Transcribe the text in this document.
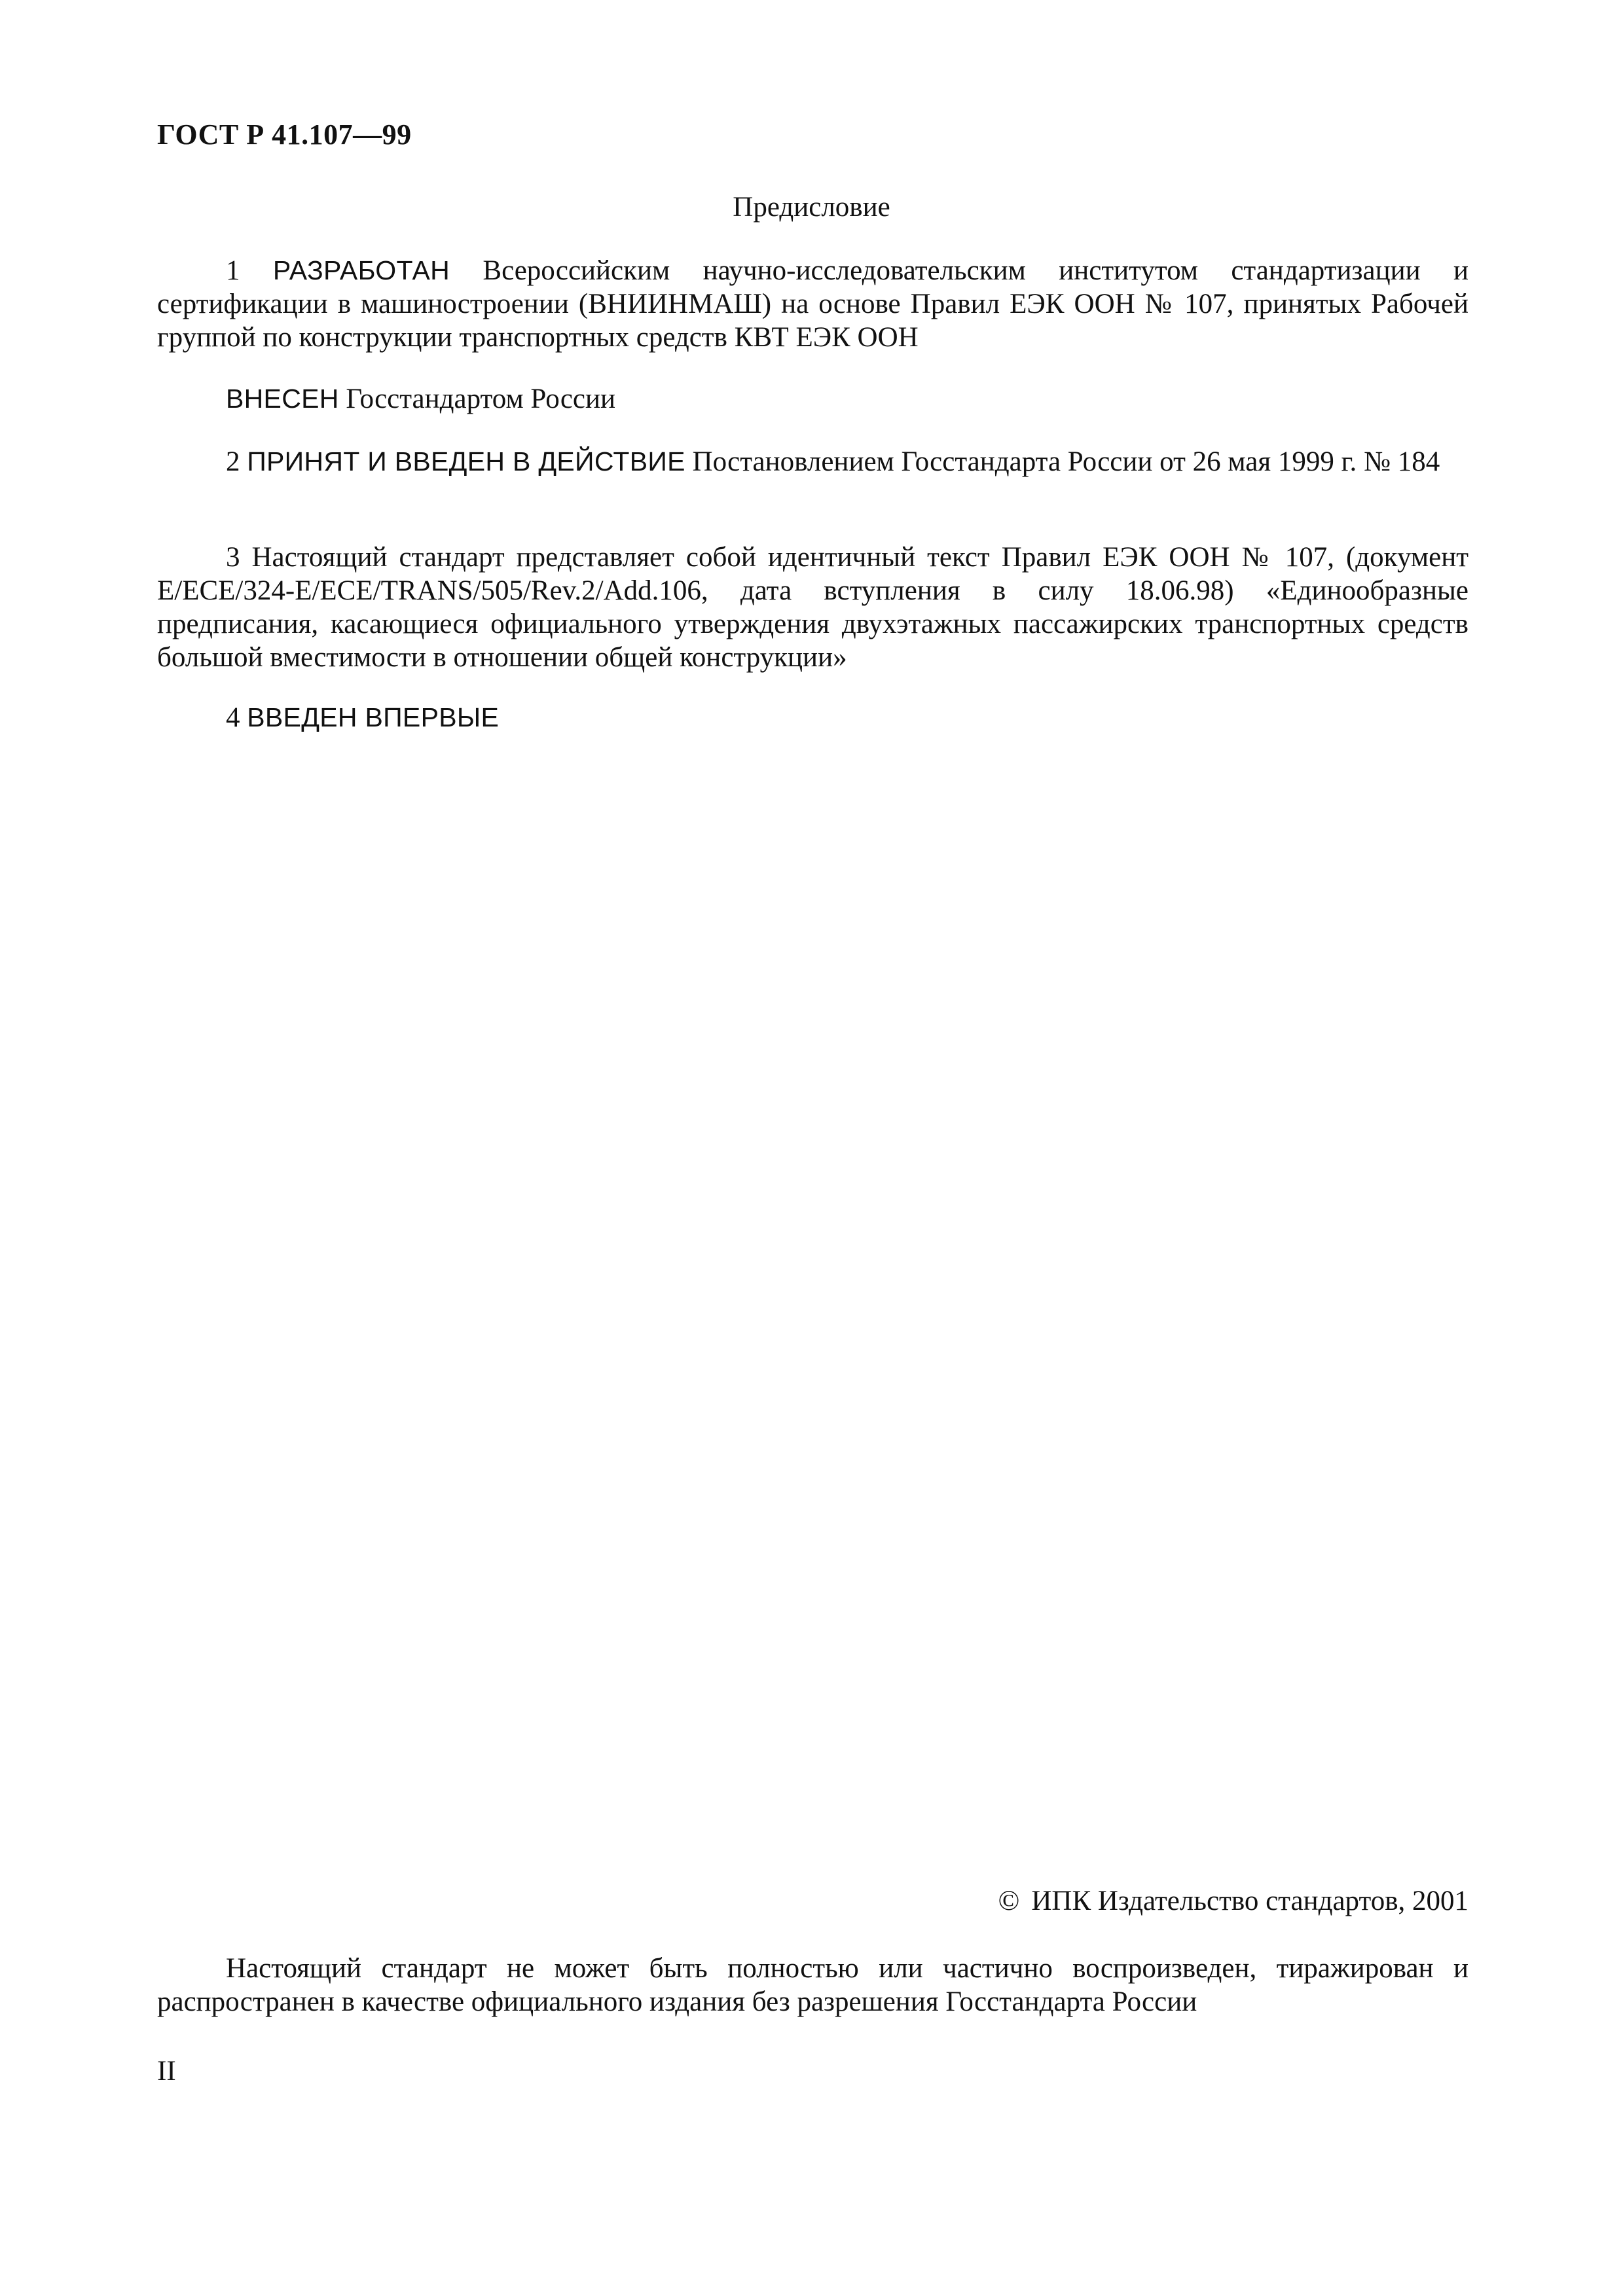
ГОСТ Р 41.107—99
Предисловие
1 РАЗРАБОТАН Всероссийским научно-исследовательским институтом стандартизации и сертификации в машиностроении (ВНИИНМАШ) на основе Правил ЕЭК ООН № 107, принятых Рабочей группой по конструкции транспортных средств КВТ ЕЭК ООН
ВНЕСЕН Госстандартом России
2 ПРИНЯТ И ВВЕДЕН В ДЕЙСТВИЕ Постановлением Госстандарта России от 26 мая 1999 г. № 184
3 Настоящий стандарт представляет собой идентичный текст Правил ЕЭК ООН № 107, (документ E/ECE/324-E/ECE/TRANS/505/Rev.2/Add.106, дата вступления в силу 18.06.98) «Единообразные предписания, касающиеся официального утверждения двухэтажных пассажирских транспортных средств большой вместимости в отношении общей конструкции»
4 ВВЕДЕН ВПЕРВЫЕ
© ИПК Издательство стандартов, 2001
Настоящий стандарт не может быть полностью или частично воспроизведен, тиражирован и распространен в качестве официального издания без разрешения Госстандарта России
II
